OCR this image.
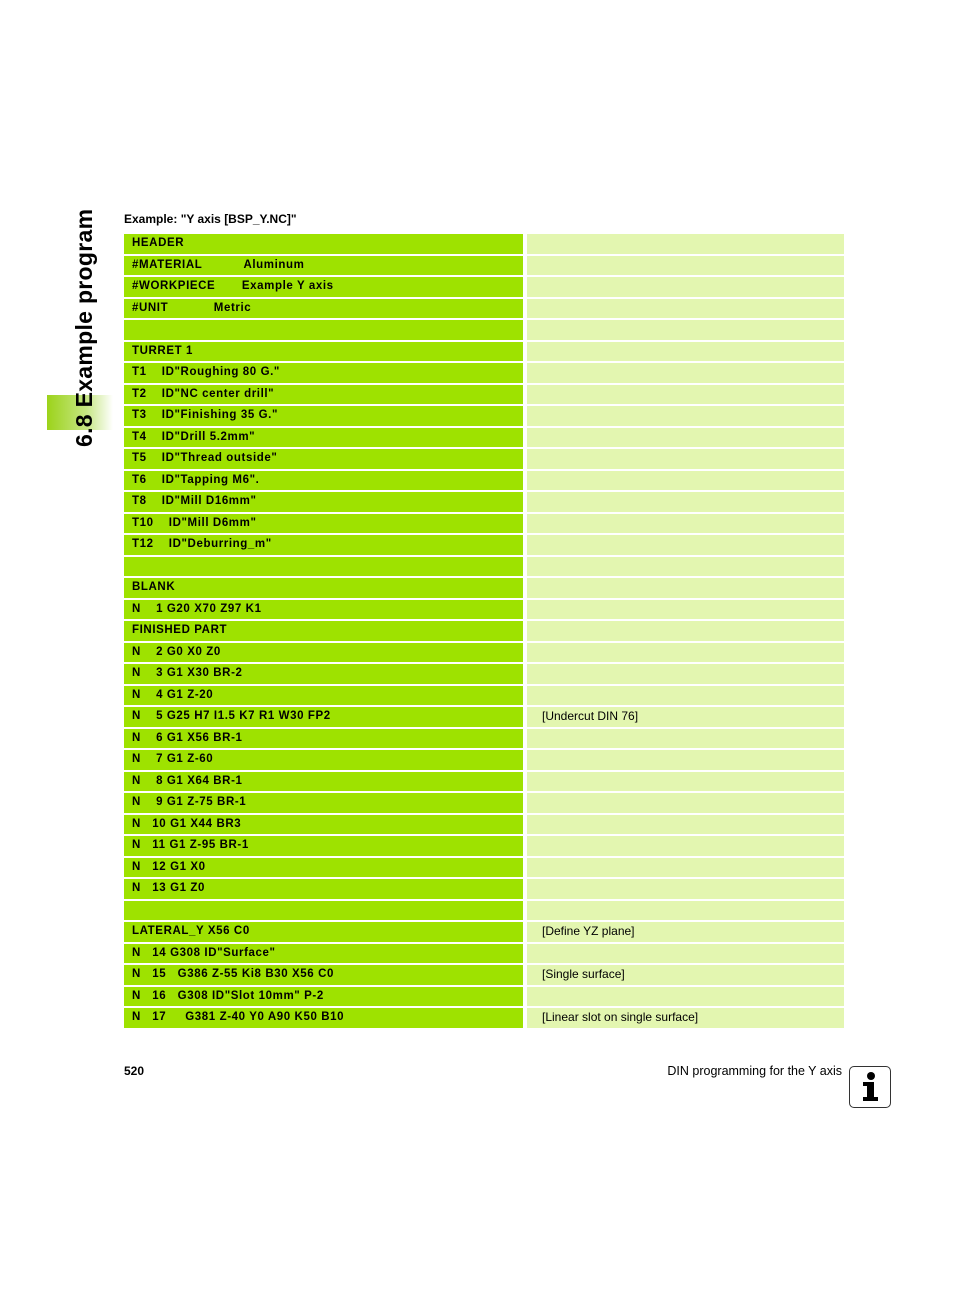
6.8 Example program Example: "Y axis [BSP_Y.NC]"
HEADER
#MATERIAL           Aluminum
#WORKPIECE       Example Y axis
#UNIT            Metric
TURRET 1
T1    ID"Roughing 80 G."
T2    ID"NC center drill"
T3    ID"Finishing 35 G."
T4    ID"Drill 5.2mm"
T5    ID"Thread outside"
T6    ID"Tapping M6".
T8    ID"Mill D16mm"
T10    ID"Mill D6mm"
T12    ID"Deburring_m"
BLANK
N    1 G20 X70 Z97 K1
FINISHED PART
N    2 G0 X0 Z0
N    3 G1 X30 BR-2
N    4 G1 Z-20
N    5 G25 H7 I1.5 K7 R1 W30 FP2	[Undercut DIN 76]
N    6 G1 X56 BR-1
N    7 G1 Z-60
N    8 G1 X64 BR-1
N    9 G1 Z-75 BR-1
N   10 G1 X44 BR3
N   11 G1 Z-95 BR-1
N   12 G1 X0
N   13 G1 Z0
LATERAL_Y X56 C0	[Define YZ plane]
N   14 G308 ID"Surface"
N   15   G386 Z-55 Ki8 B30 X56 C0	[Single surface]
N   16   G308 ID"Slot 10mm" P-2
N   17     G381 Z-40 Y0 A90 K50 B10	[Linear slot on single surface]
520	DIN programming for the Y axis
